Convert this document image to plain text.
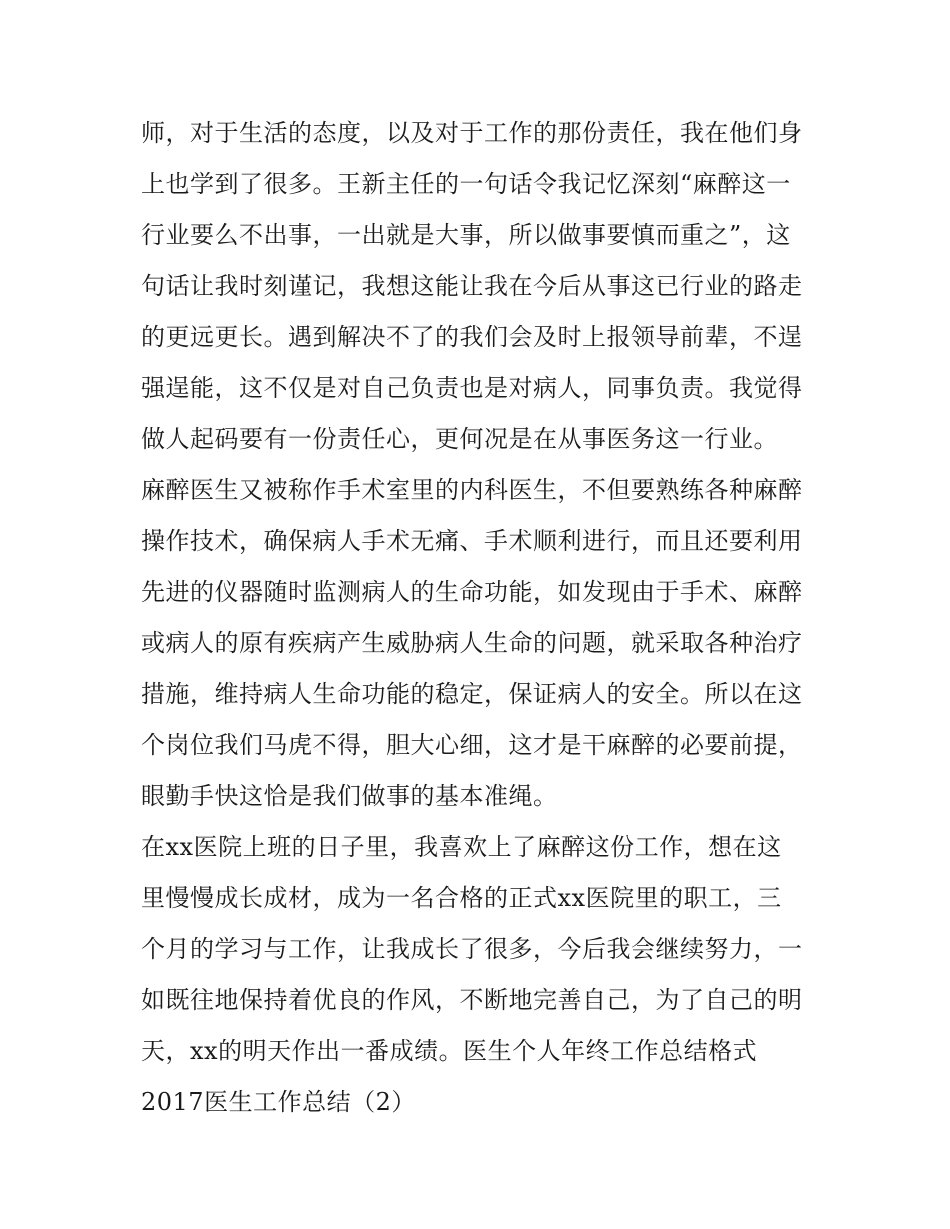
师，对于生活的态度，以及对于工作的那份责任，我在他们身
上也学到了很多。王新主任的一句话令我记忆深刻“麻醉这一
行业要么不出事，一出就是大事，所以做事要慎而重之”，这
句话让我时刻谨记，我想这能让我在今后从事这已行业的路走
的更远更长。遇到解决不了的我们会及时上报领导前辈，不逞
强逞能，这不仅是对自己负责也是对病人，同事负责。我觉得
做人起码要有一份责任心，更何况是在从事医务这一行业。
麻醉医生又被称作手术室里的内科医生，不但要熟练各种麻醉
操作技术，确保病人手术无痛、手术顺利进行，而且还要利用
先进的仪器随时监测病人的生命功能，如发现由于手术、麻醉
或病人的原有疾病产生威胁病人生命的问题，就采取各种治疗
措施，维持病人生命功能的稳定，保证病人的安全。所以在这
个岗位我们马虎不得，胆大心细，这才是干麻醉的必要前提，
眼勤手快这恰是我们做事的基本准绳。
在xx医院上班的日子里，我喜欢上了麻醉这份工作，想在这
里慢慢成长成材，成为一名合格的正式xx医院里的职工，三
个月的学习与工作，让我成长了很多，今后我会继续努力，一
如既往地保持着优良的作风，不断地完善自己，为了自己的明
天，xx的明天作出一番成绩。医生个人年终工作总结格式
2017医生工作总结（2）
